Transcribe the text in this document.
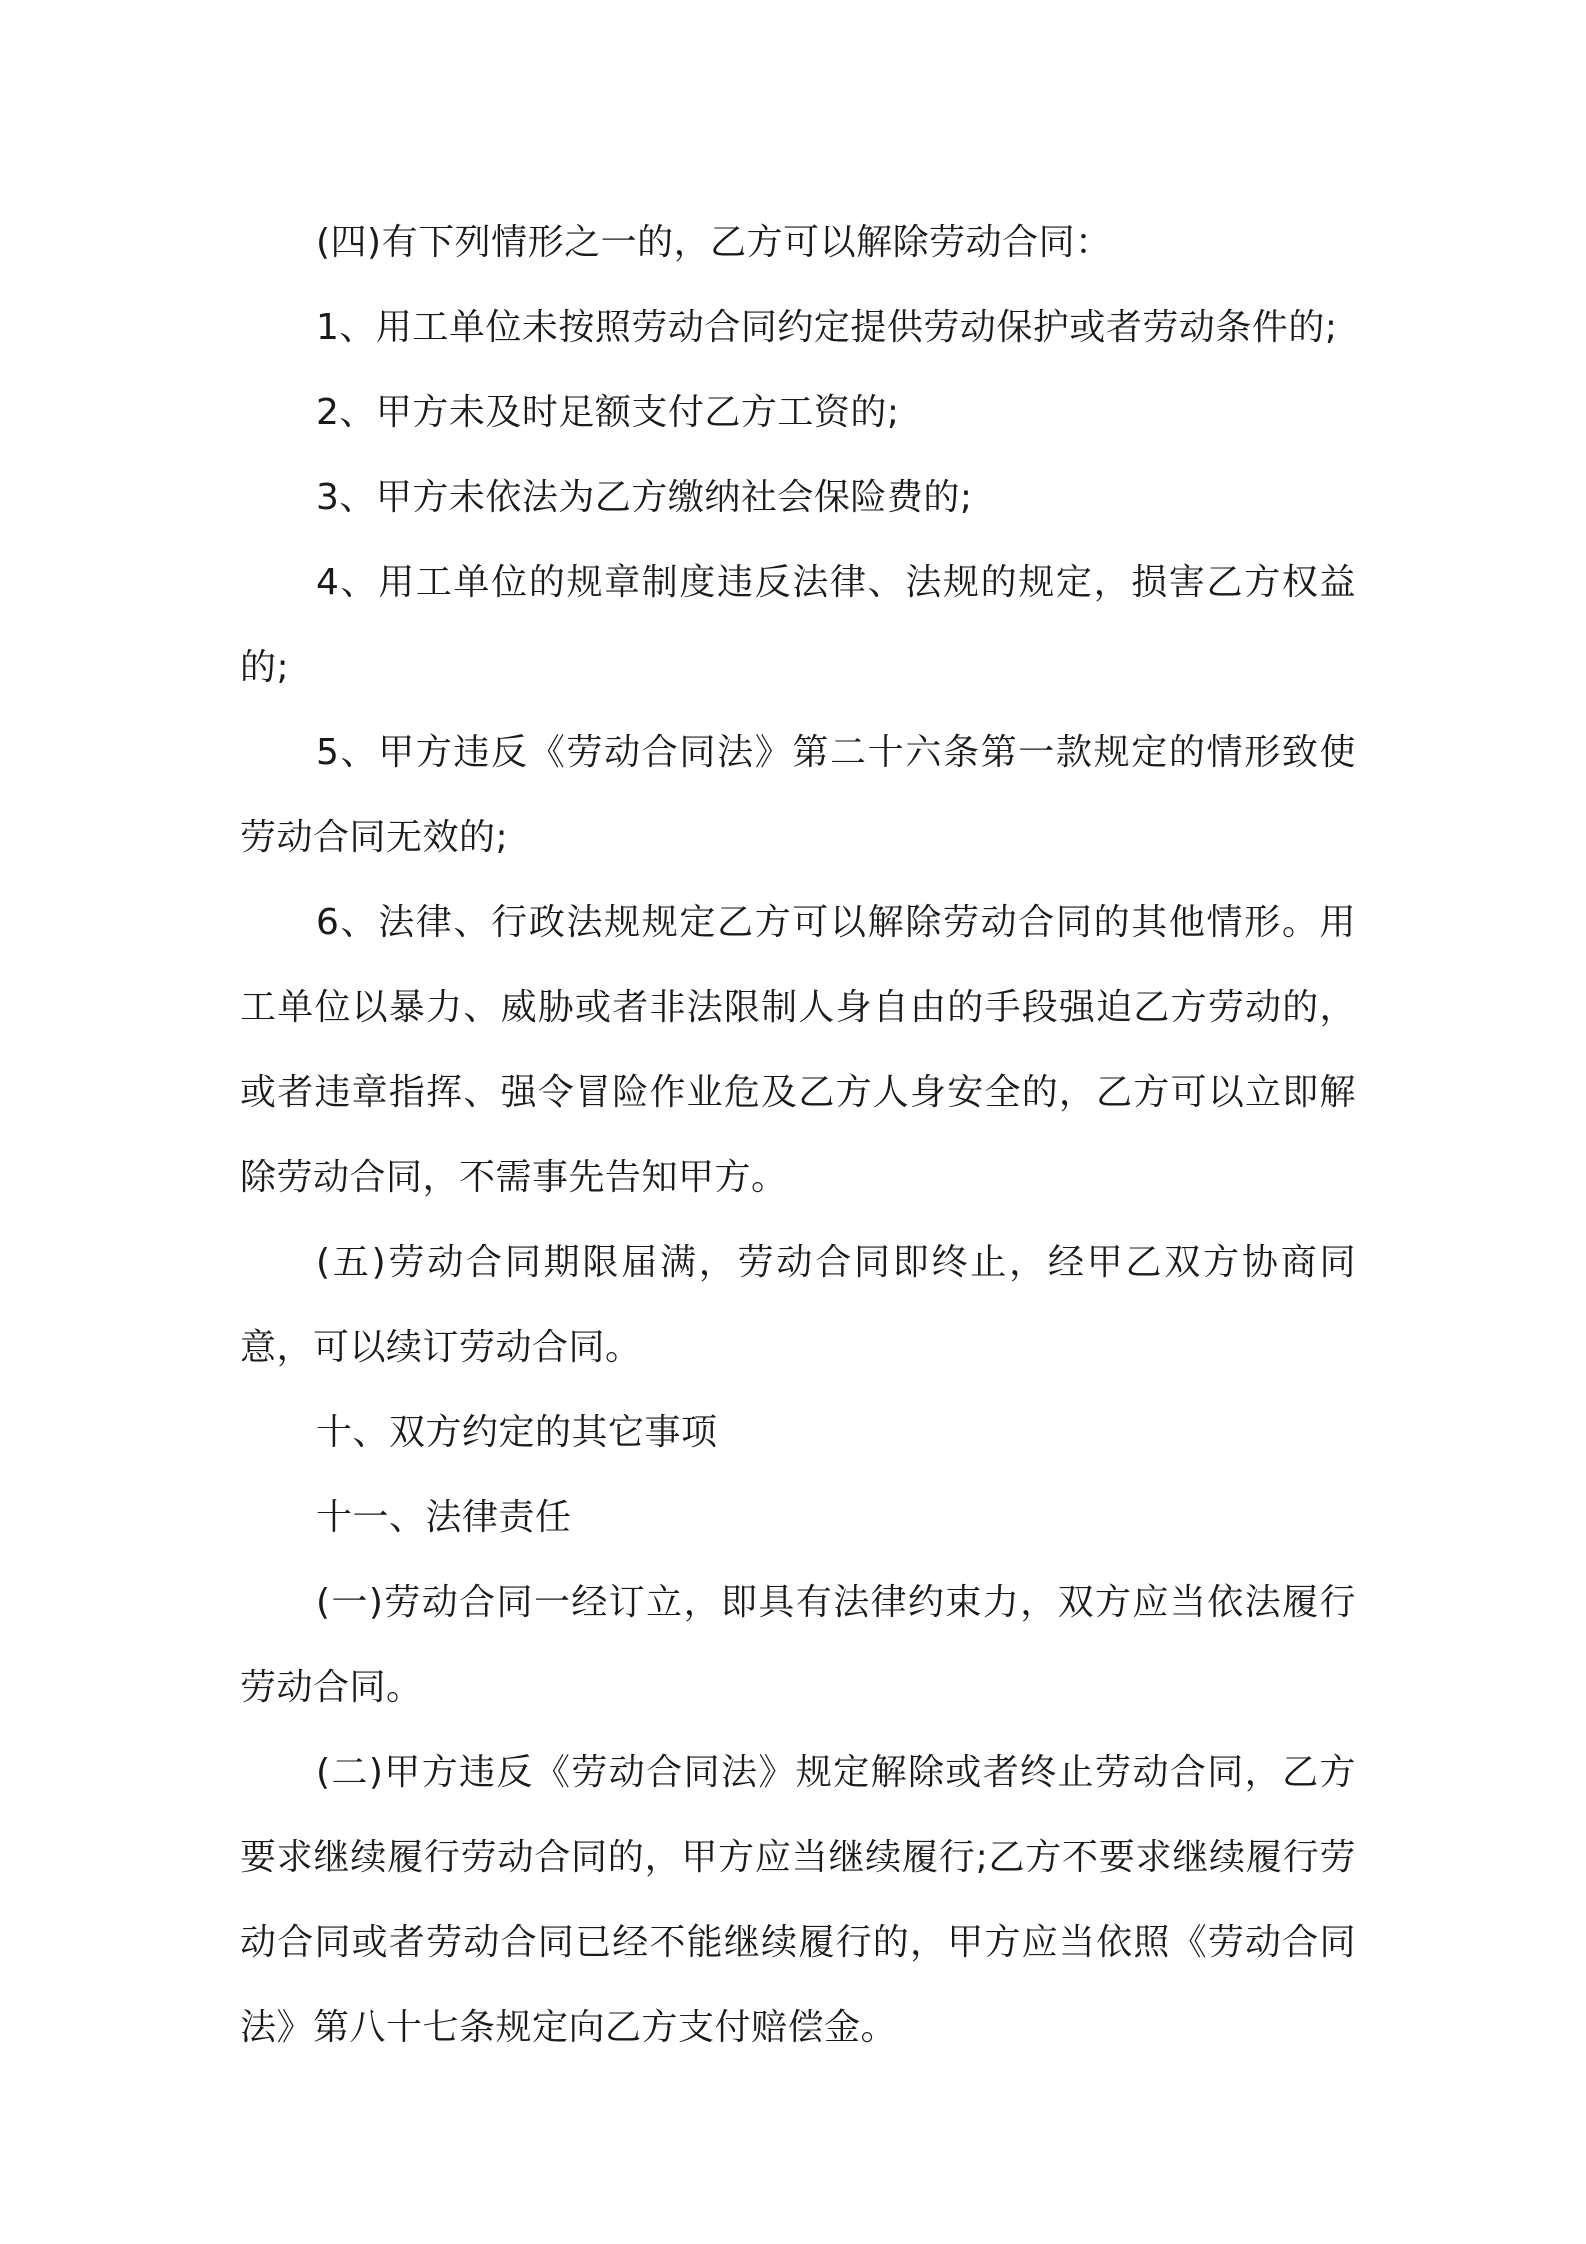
(四)有下列情形之一的，乙方可以解除劳动合同：

1、用工单位未按照劳动合同约定提供劳动保护或者劳动条件的;

2、甲方未及时足额支付乙方工资的;

3、甲方未依法为乙方缴纳社会保险费的;

4、用工单位的规章制度违反法律、法规的规定，损害乙方权益的;

5、甲方违反《劳动合同法》第二十六条第一款规定的情形致使劳动合同无效的;

6、法律、行政法规规定乙方可以解除劳动合同的其他情形。用工单位以暴力、威胁或者非法限制人身自由的手段强迫乙方劳动的，或者违章指挥、强令冒险作业危及乙方人身安全的，乙方可以立即解除劳动合同，不需事先告知甲方。

(五)劳动合同期限届满，劳动合同即终止，经甲乙双方协商同意，可以续订劳动合同。

十、双方约定的其它事项

十一、法律责任

(一)劳动合同一经订立，即具有法律约束力，双方应当依法履行劳动合同。

(二)甲方违反《劳动合同法》规定解除或者终止劳动合同，乙方要求继续履行劳动合同的，甲方应当继续履行;乙方不要求继续履行劳动合同或者劳动合同已经不能继续履行的，甲方应当依照《劳动合同法》第八十七条规定向乙方支付赔偿金。
